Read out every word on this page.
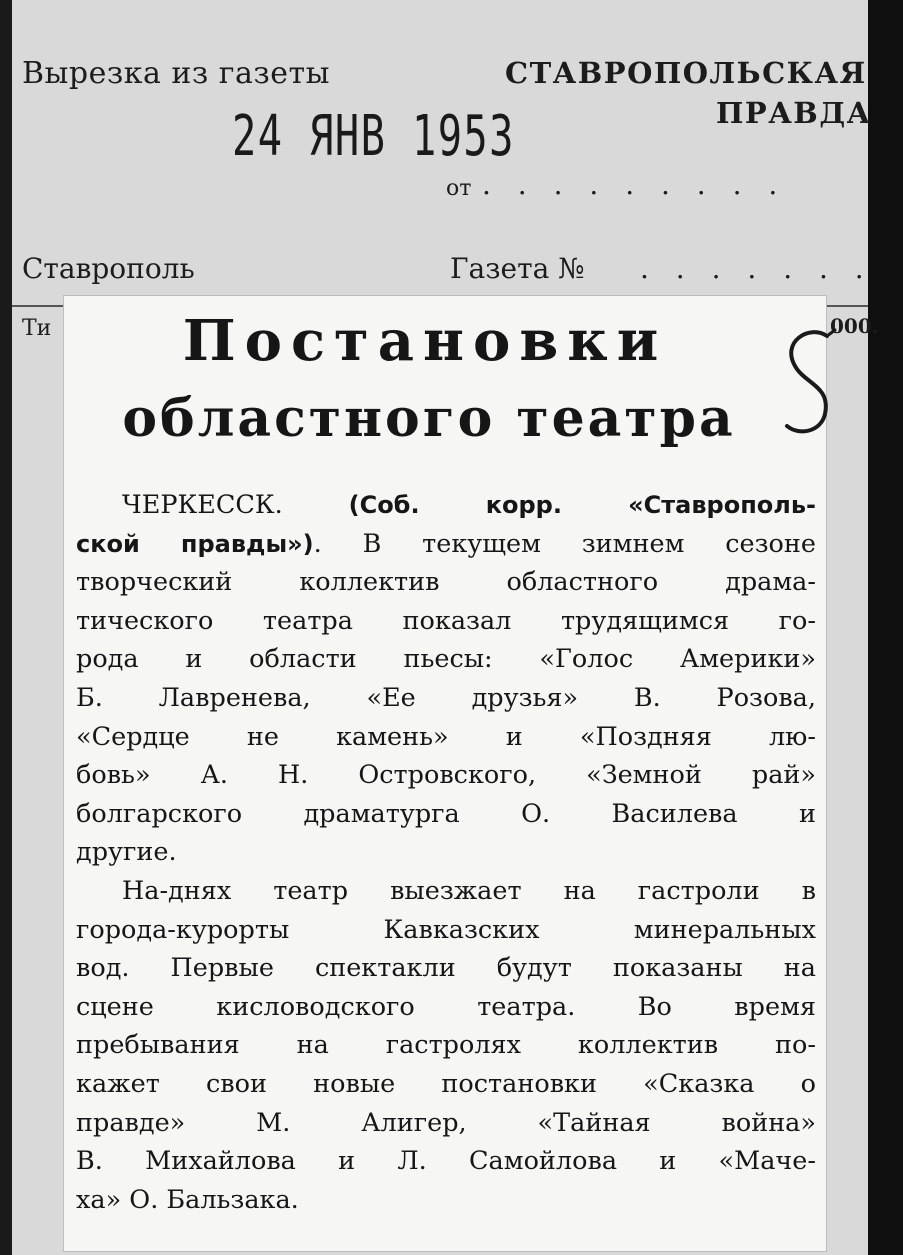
Вырезка из газеты	СТАВРОПОЛЬСКАЯ
ПРАВДА
24 ЯНВ 1953
от . . . . . . . . .
Ставрополь	Газета № . . . . . . .
Ти	000.
Постановки
областного театра
ЧЕРКЕССК. (Соб. корр. «Ставрополь-
ской правды»). В текущем зимнем сезоне
творческий коллектив областного драма-
тического театра показал трудящимся го-
рода и области пьесы: «Голос Америки»
Б. Лавренева, «Ее друзья» В. Розова,
«Сердце не камень» и «Поздняя лю-
бовь» А. Н. Островского, «Земной рай»
болгарского драматурга О. Василева и
другие.
На-днях театр выезжает на гастроли в
города-курорты Кавказских минеральных
вод. Первые спектакли будут показаны на
сцене кисловодского театра. Во время
пребывания на гастролях коллектив по-
кажет свои новые постановки «Сказка о
правде» М. Алигер, «Тайная война»
В. Михайлова и Л. Самойлова и «Маче-
ха» О. Бальзака.
